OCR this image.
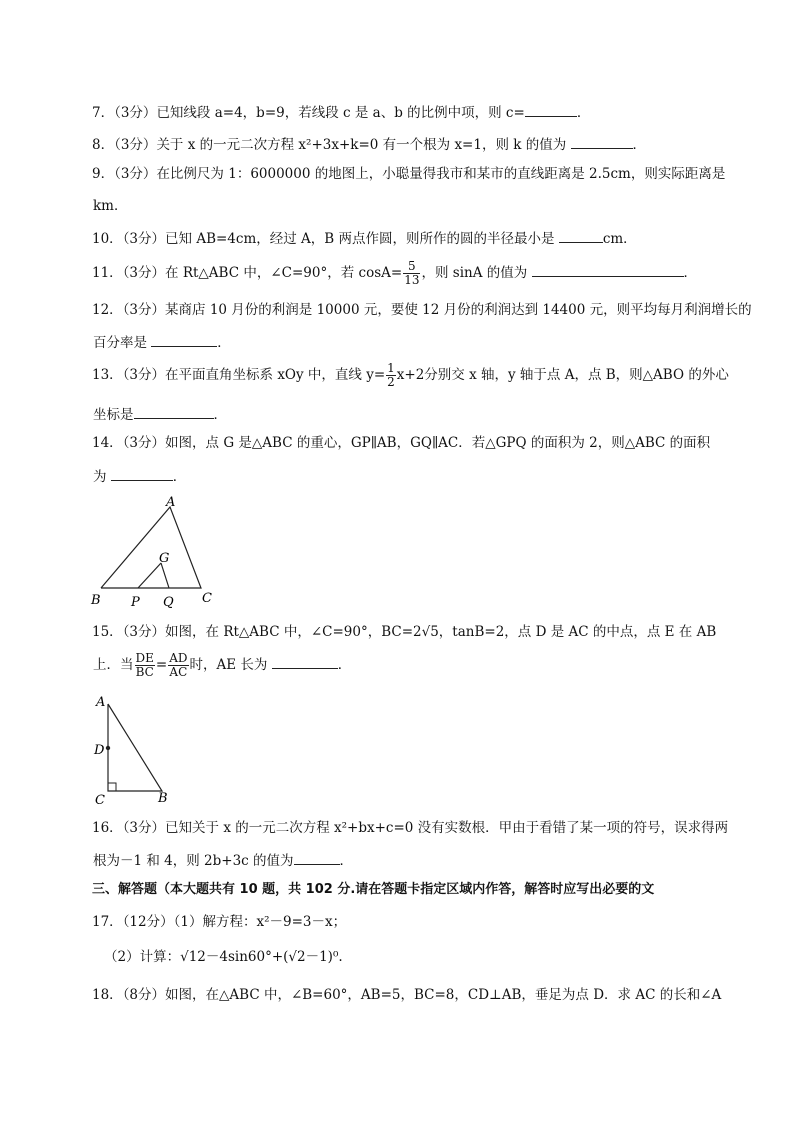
7．（3分）已知线段 a=4，b=9，若线段 c 是 a、b 的比例中项，则 c=	．
8．（3分）关于 x 的一元二次方程 x²+3x+k=0 有一个根为 x=1，则 k 的值为	．
9．（3分）在比例尺为 1：6000000 的地图上，小聪量得我市和某市的直线距离是 2.5cm，则实际距离是
km．
10．（3分）已知 AB=4cm，经过 A，B 两点作圆，则所作的圆的半径最小是	cm．
11．（3分）在 Rt△ABC 中，∠C=90°，若 $\cos A= \frac{5}{13}$ ，则 sinA 的值为	．
12．（3分）某商店 10 月份的利润是 10000 元，要使 12 月份的利润达到 14400 元，则平均每月利润增长的
百分率是	．
13．（3分）在平面直角坐标系 xOy 中，直线 $y= \frac{1}{2} x+2$分别交 x 轴，y 轴于点 A，点 B，则△ABO 的外心
坐标是	．
14．（3分）如图，点 G 是△ABC 的重心，GP∥AB，GQ∥AC．若△GPQ 的面积为 2，则△ABC 的面积
为	．
A
B	C
G
P Q
15．（3分）如图，在 Rt△ABC 中，∠C=90°，BC=2√5，tanB=2，点 D 是 AC 的中点，点 E 在 AB
上．当 $\frac{DE}{BC} = \frac{AD}{AC}$ 时，AE 长为	．
A
D
C	B
16．（3分）已知关于 x 的一元二次方程 x²+bx+c=0 没有实数根．甲由于看错了某一项的符号，误求得两
根为－1 和 4，则 2b+3c 的值为	．
三、解答题（本大题共有 10 题，共 102 分.请在答题卡指定区域内作答，解答时应写出必要的文
17．（12分）（1）解方程：x²－9=3－x；
（2）计算：√12－4sin60°+(√2－1)⁰.
18．（8分）如图，在△ABC 中，∠B=60°，AB=5，BC=8，CD⊥AB，垂足为点 D．求 AC 的长和∠A
